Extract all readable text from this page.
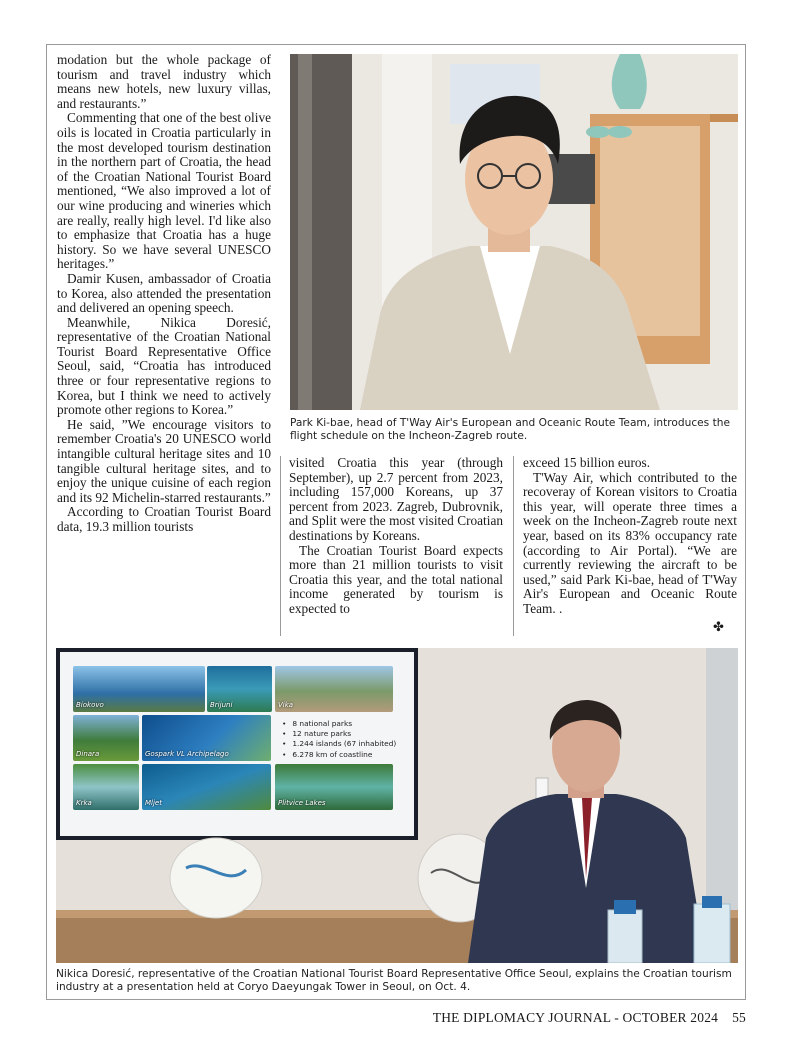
modation but the whole package of tourism and travel industry which means new hotels, new luxury villas, and restaurants.”

Commenting that one of the best olive oils is located in Croatia particularly in the most developed tourism destination in the northern part of Croatia, the head of the Croatian National Tourist Board mentioned, “We also improved a lot of our wine producing and wineries which are really, really high level. I'd like also to emphasize that Croatia has a huge history. So we have several UNESCO heritages.”

Damir Kusen, ambassador of Croatia to Korea, also attended the presentation and delivered an opening speech.

Meanwhile, Nikica Doresić, representative of the Croatian National Tourist Board Representative Office Seoul, said, “Croatia has introduced three or four representative regions to Korea, but I think we need to actively promote other regions to Korea.”

He said, ”We encourage visitors to remember Croatia's 20 UNESCO world intangible cultural heritage sites and 10 tangible cultural heritage sites, and to enjoy the unique cuisine of each region and its 92 Michelin-starred restaurants.”

According to Croatian Tourist Board data, 19.3 million tourists

Park Ki-bae, head of T'Way Air's European and Oceanic Route Team, introduces the flight schedule on the Incheon-Zagreb route.

visited Croatia this year (through September), up 2.7 percent from 2023, including 157,000 Koreans, up 37 percent from 2023. Zagreb, Dubrovnik, and Split were the most visited Croatian destinations by Koreans.

The Croatian Tourist Board expects more than 21 million tourists to visit Croatia this year, and the total national income generated by tourism is expected to

exceed 15 billion euros.

T'Way Air, which contributed to the recoveray of Korean visitors to Croatia this year, will operate three times a week on the Incheon-Zagreb route next year, based on its 83% occupancy rate (according to Air Portal). “We are currently reviewing the aircraft to be used,” said Park Ki-bae, head of T'Way Air's European and Oceanic Route Team. .

✤
Biokovo	Brijuni	Vika
Dinara	Gospark VL Archipelago
• 8 national parks
• 12 nature parks
• 1.244 islands (67 inhabited)
• 6.278 km of coastline
Krka	Mljet	Plitvice Lakes
Nikica Doresić, representative of the Croatian National Tourist Board Representative Office Seoul, explains the Croatian tourism industry at a presentation held at Coryo Daeyungak Tower in Seoul, on Oct. 4.
THE DIPLOMACY JOURNAL - OCTOBER 2024 55
